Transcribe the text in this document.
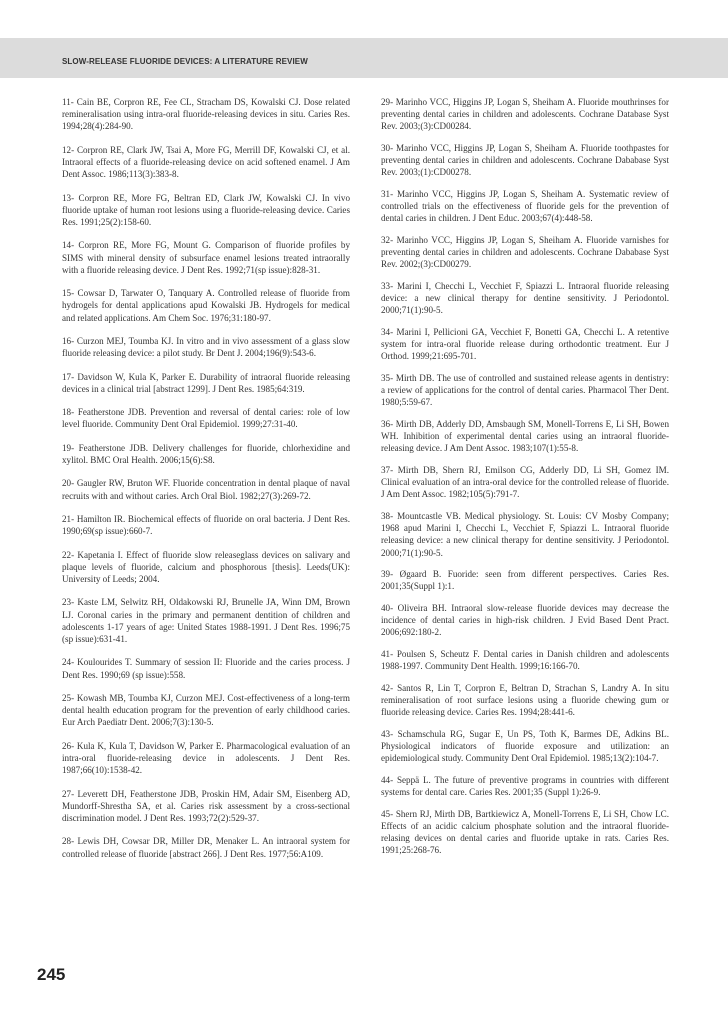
SLOW-RELEASE FLUORIDE DEVICES: A LITERATURE REVIEW

11- Cain BE, Corpron RE, Fee CL, Stracham DS, Kowalski CJ. Dose related remineralisation using intra-oral fluoride-releasing devices in situ. Caries Res. 1994;28(4):284-90.

12- Corpron RE, Clark JW, Tsai A, More FG, Merrill DF, Kowalski CJ, et al. Intraoral effects of a fluoride-releasing device on acid softened enamel. J Am Dent Assoc. 1986;113(3):383-8.

13- Corpron RE, More FG, Beltran ED, Clark JW, Kowalski CJ. In vivo fluoride uptake of human root lesions using a fluoride-releasing device. Caries Res. 1991;25(2):158-60.

14- Corpron RE, More FG, Mount G. Comparison of fluoride profiles by SIMS with mineral density of subsurface enamel lesions treated intraorally with a fluoride releasing device. J Dent Res. 1992;71(sp issue):828-31.

15- Cowsar D, Tarwater O, Tanquary A. Controlled release of fluoride from hydrogels for dental applications apud Kowalski JB. Hydrogels for medical and related applications. Am Chem Soc. 1976;31:180-97.

16- Curzon MEJ, Toumba KJ. In vitro and in vivo assessment of a glass slow fluoride releasing device: a pilot study. Br Dent J. 2004;196(9):543-6.

17- Davidson W, Kula K, Parker E. Durability of intraoral fluoride releasing devices in a clinical trial [abstract 1299]. J Dent Res. 1985;64:319.

18- Featherstone JDB. Prevention and reversal of dental caries: role of low level fluoride. Community Dent Oral Epidemiol. 1999;27:31-40.

19- Featherstone JDB. Delivery challenges for fluoride, chlorhexidine and xylitol. BMC Oral Health. 2006;15(6):S8.

20- Gaugler RW, Bruton WF. Fluoride concentration in dental plaque of naval recruits with and without caries. Arch Oral Biol. 1982;27(3):269-72.

21- Hamilton IR. Biochemical effects of fluoride on oral bacteria. J Dent Res. 1990;69(sp issue):660-7.

22- Kapetania I. Effect of fluoride slow releaseglass devices on salivary and plaque levels of fluoride, calcium and phosphorous [thesis]. Leeds(UK): University of Leeds; 2004.

23- Kaste LM, Selwitz RH, Oldakowski RJ, Brunelle JA, Winn DM, Brown LJ. Coronal caries in the primary and permanent dentition of children and adolescents 1-17 years of age: United States 1988-1991. J Dent Res. 1996;75 (sp issue):631-41.

24- Koulourides T. Summary of session II: Fluoride and the caries process. J Dent Res. 1990;69 (sp issue):558.

25- Kowash MB, Toumba KJ, Curzon MEJ. Cost-effectiveness of a long-term dental health education program for the prevention of early childhood caries. Eur Arch Paediatr Dent. 2006;7(3):130-5.

26- Kula K, Kula T, Davidson W, Parker E. Pharmacological evaluation of an intra-oral fluoride-releasing device in adolescents. J Dent Res. 1987;66(10):1538-42.

27- Leverett DH, Featherstone JDB, Proskin HM, Adair SM, Eisenberg AD, Mundorff-Shrestha SA, et al. Caries risk assessment by a cross-sectional discrimination model. J Dent Res. 1993;72(2):529-37.

28- Lewis DH, Cowsar DR, Miller DR, Menaker L. An intraoral system for controlled release of fluoride [abstract 266]. J Dent Res. 1977;56:A109.

29- Marinho VCC, Higgins JP, Logan S, Sheiham A. Fluoride mouthrinses for preventing dental caries in children and adolescents. Cochrane Database Syst Rev. 2003;(3):CD00284.

30- Marinho VCC, Higgins JP, Logan S, Sheiham A. Fluoride toothpastes for preventing dental caries in children and adolescents. Cochrane Dababase Syst Rev. 2003;(1):CD00278.

31- Marinho VCC, Higgins JP, Logan S, Sheiham A. Systematic review of controlled trials on the effectiveness of fluoride gels for the prevention of dental caries in children. J Dent Educ. 2003;67(4):448-58.

32- Marinho VCC, Higgins JP, Logan S, Sheiham A. Fluoride varnishes for preventing dental caries in children and adolescents. Cochrane Dababase Syst Rev. 2002;(3):CD00279.

33- Marini I, Checchi L, Vecchiet F, Spiazzi L. Intraoral fluoride releasing device: a new clinical therapy for dentine sensitivity. J Periodontol. 2000;71(1):90-5.

34- Marini I, Pellicioni GA, Vecchiet F, Bonetti GA, Checchi L. A retentive system for intra-oral fluoride release during orthodontic treatment. Eur J Orthod. 1999;21:695-701.

35- Mirth DB. The use of controlled and sustained release agents in dentistry: a review of applications for the control of dental caries. Pharmacol Ther Dent. 1980;5:59-67.

36- Mirth DB, Adderly DD, Amsbaugh SM, Monell-Torrens E, Li SH, Bowen WH. Inhibition of experimental dental caries using an intraoral fluoride-releasing device. J Am Dent Assoc. 1983;107(1):55-8.

37- Mirth DB, Shern RJ, Emilson CG, Adderly DD, Li SH, Gomez IM. Clinical evaluation of an intra-oral device for the controlled release of fluoride. J Am Dent Assoc. 1982;105(5):791-7.

38- Mountcastle VB. Medical physiology. St. Louis: CV Mosby Company; 1968 apud Marini I, Checchi L, Vecchiet F, Spiazzi L. Intraoral fluoride releasing device: a new clinical therapy for dentine sensitivity. J Periodontol. 2000;71(1):90-5.

39- Øgaard B. Fuoride: seen from different perspectives. Caries Res. 2001;35(Suppl 1):1.

40- Oliveira BH. Intraoral slow-release fluoride devices may decrease the incidence of dental caries in high-risk children. J Evid Based Dent Pract. 2006;692:180-2.

41- Poulsen S, Scheutz F. Dental caries in Danish children and adolescents 1988-1997. Community Dent Health. 1999;16:166-70.

42- Santos R, Lin T, Corpron E, Beltran D, Strachan S, Landry A. In situ remineralisation of root surface lesions using a fluoride chewing gum or fluoride releasing device. Caries Res. 1994;28:441-6.

43- Schamschula RG, Sugar E, Un PS, Toth K, Barmes DE, Adkins BL. Physiological indicators of fluoride exposure and utilization: an epidemiological study. Community Dent Oral Epidemiol. 1985;13(2):104-7.

44- Seppä L. The future of preventive programs in countries with different systems for dental care. Caries Res. 2001;35 (Suppl 1):26-9.

45- Shern RJ, Mirth DB, Bartkiewicz A, Monell-Torrens E, Li SH, Chow LC. Effects of an acidic calcium phosphate solution and the intraoral fluoride-relasing devices on dental caries and fluoride uptake in rats. Caries Res. 1991;25:268-76.

245
